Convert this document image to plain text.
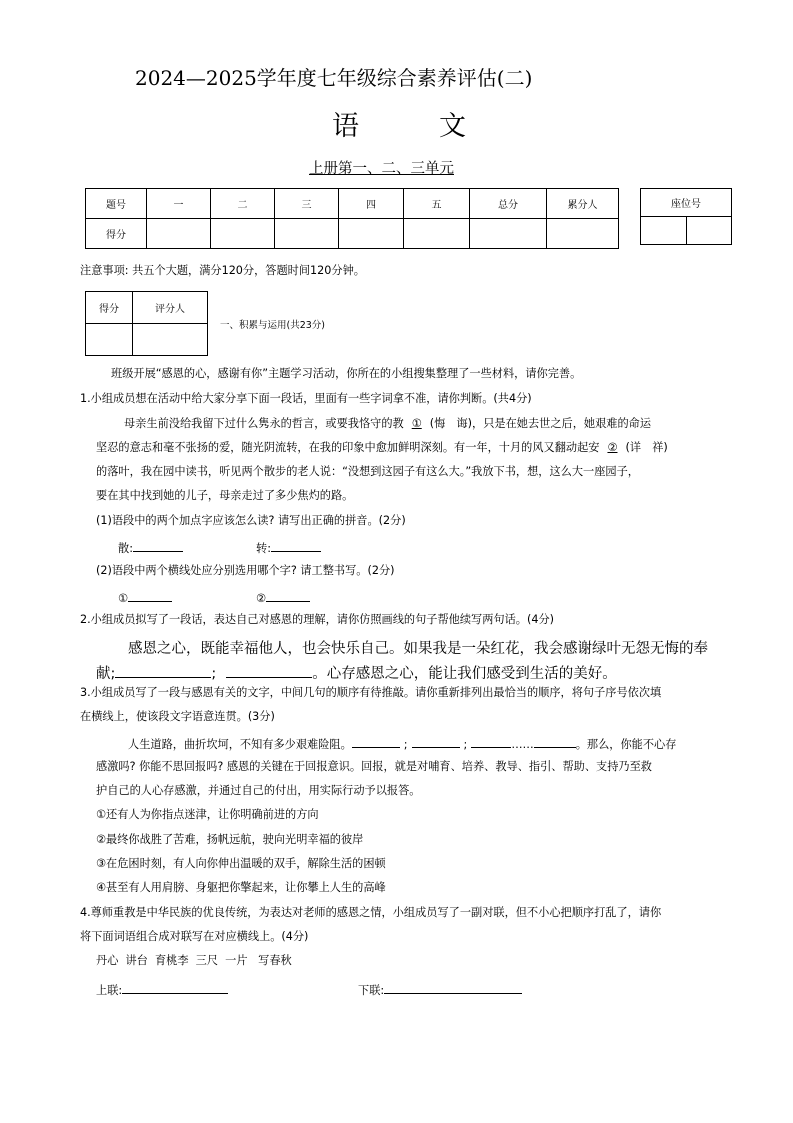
2024—2025学年度七年级综合素养评估(二)
语	文
上册第一、二、三单元
题号	一	二	三	四	五	总分	累分人
得分							
座位号

注意事项: 共五个大题，满分120分，答题时间120分钟。
得分	评分人

一、积累与运用(共23分)
班级开展“感恩的心，感谢有你”主题学习活动，你所在的小组搜集整理了一些材料，请你完善。
1.小组成员想在活动中给大家分享下面一段话，里面有一些字词拿不准，请你判断。(共4分)
母亲生前没给我留下过什么隽永的哲言，或要我恪守的教 ① (悔　诲)，只是在她去世之后，她艰难的命运
坚忍的意志和毫不张扬的爱，随光阴流转，在我的印象中愈加鲜明深刻。有一年，十月的风又翻动起安 ② (详　祥)
的落叶，我在园中读书，听见两个散步的老人说：“没想到这园子有这么大。”我放下书，想，这么大一座园子，
要在其中找到她的儿子，母亲走过了多少焦灼的路。
(1)语段中的两个加点字应该怎么读? 请写出正确的拼音。(2分)
散:	转:
(2)语段中两个横线处应分别选用哪个字? 请工整书写。(2分)
①	②
2.小组成员拟写了一段话，表达自己对感恩的理解，请你仿照画线的句子帮他续写两句话。(4分)
感恩之心，既能幸福他人，也会快乐自己。如果我是一朵红花，我会感谢绿叶无怨无悔的奉
献;	;	。心存感恩之心，能让我们感受到生活的美好。
3.小组成员写了一段与感恩有关的文字，中间几句的顺序有待推敲。请你重新排列出最恰当的顺序，将句子序号依次填
在横线上，使该段文字语意连贯。(3分)
人生道路，曲折坎坷，不知有多少艰难险阻。	;	;	……	。那么，你能不心存
感激吗? 你能不思回报吗? 感恩的关键在于回报意识。回报，就是对哺育、培养、教导、指引、帮助、支持乃至救
护自己的人心存感激，并通过自己的付出，用实际行动予以报答。
①还有人为你指点迷津，让你明确前进的方向
②最终你战胜了苦难，扬帆远航，驶向光明幸福的彼岸
③在危困时刻，有人向你伸出温暖的双手，解除生活的困顿
④甚至有人用肩膀、身躯把你擎起来，让你攀上人生的高峰
4.尊师重教是中华民族的优良传统，为表达对老师的感恩之情，小组成员写了一副对联，但不小心把顺序打乱了，请你
将下面词语组合成对联写在对应横线上。(4分)
丹心  讲台  育桃李  三尺  一片   写春秋
上联:	下联:
